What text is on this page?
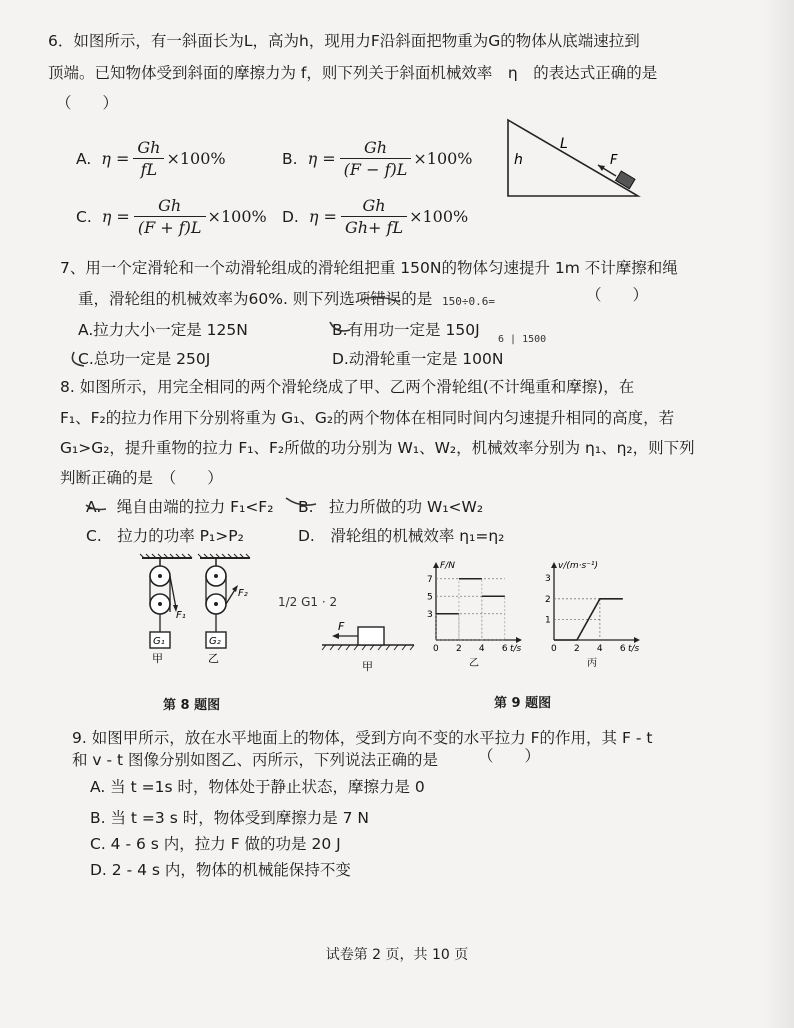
6．如图所示，有一斜面长为L，高为h，现用力F沿斜面把物重为G的物体从底端速拉到
顶端。已知物体受到斜面的摩擦力为 f，则下列关于斜面机械效率　η　的表达式正确的是
（　　）
A. $\eta = \frac{Gh}{fL} \times 100\%$	B. $\eta = \frac{Gh}{(F - f)L} \times 100\%$
C. $\eta = \frac{Gh}{(F + f)L} \times 100\%$ D. $\eta = \frac{Gh}{Gh+ fL} \times 100\%$
h
L
F
7、用一个定滑轮和一个动滑轮组成的滑轮组把重 150N的物体匀速提升 1m 不计摩擦和绳
重，滑轮组的机械效率为60%. 则下列选项错误的是	（　　）
150÷0.6=
6 | 1500
A.拉力大小一定是 125N	B.有用功一定是 150J
C.总功一定是 250J	D.动滑轮重一定是 100N
8. 如图所示，用完全相同的两个滑轮绕成了甲、乙两个滑轮组(不计绳重和摩擦)，在
F₁、F₂的拉力作用下分别将重为 G₁、G₂的两个物体在相同时间内匀速提升相同的高度，若
G₁>G₂，提升重物的拉力 F₁、F₂所做的功分别为 W₁、W₂，机械效率分别为 η₁、η₂，则下列
判断正确的是　（　　）
A.　绳自由端的拉力 F₁<F₂ B.　拉力所做的功 W₁<W₂
C.　拉力的功率 P₁>P₂	D.　滑轮组的机械效率 η₁=η₂
F₁
G₁
甲
F₂
G₂
乙
1/2 G1 · 2
第 8 题图
F
甲
t/s
F/N
0 2 4 6
3
5
7
乙
t/s
v/(m·s⁻¹)
0 2 4 6
1
2
3
丙
第 9 题图
9. 如图甲所示，放在水平地面上的物体，受到方向不变的水平拉力 F的作用，其 F - t
和 v - t 图像分别如图乙、丙所示，下列说法正确的是	（　　）
A. 当 t =1s 时，物体处于静止状态，摩擦力是 0
B. 当 t =3 s 时，物体受到摩擦力是 7 N
C. 4 - 6 s 内，拉力 F 做的功是 20 J
D. 2 - 4 s 内，物体的机械能保持不变
试卷第 2 页，共 10 页
